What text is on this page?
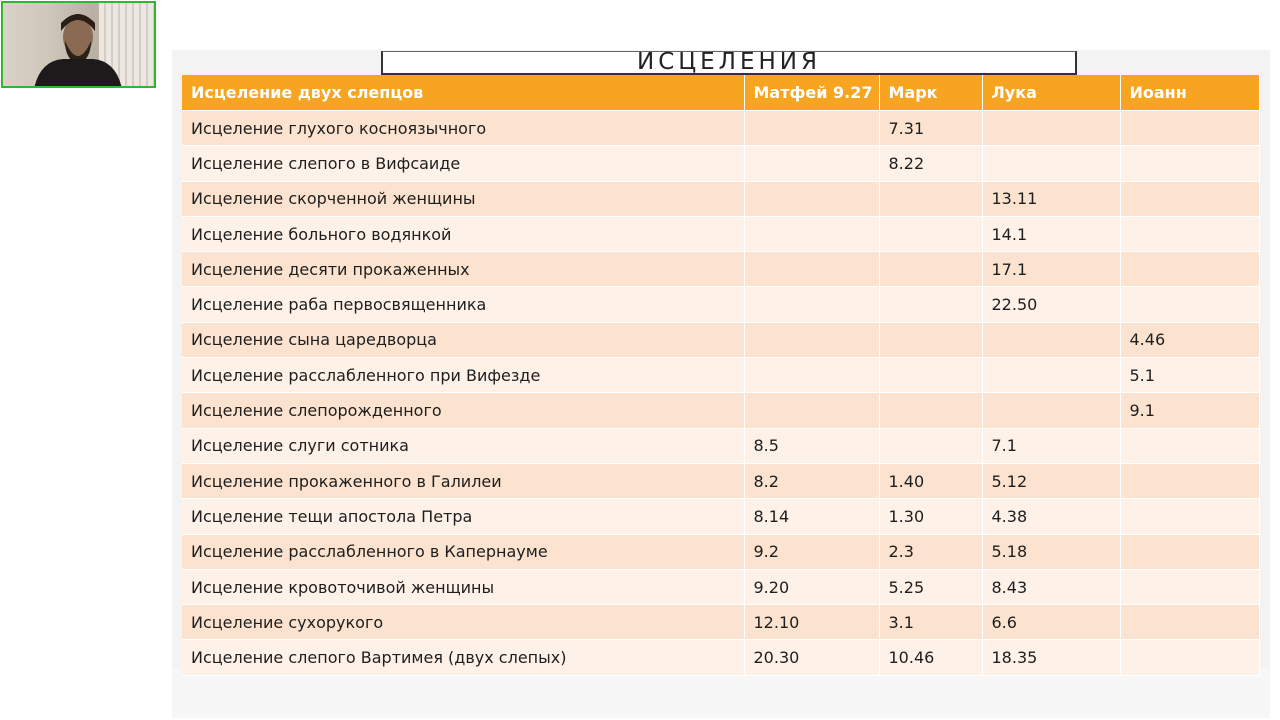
ИСЦЕЛЕНИЯ
Исцеление двух слепцов	Матфей 9.27	Марк	Лука	Иоанн
Исцеление глухого косноязычного		7.31		
Исцеление слепого в Вифсаиде		8.22		
Исцеление скорченной женщины			13.11	
Исцеление больного водянкой			14.1	
Исцеление десяти прокаженных			17.1	
Исцеление раба первосвященника			22.50	
Исцеление сына царедворца				4.46
Исцеление расслабленного при Вифезде				5.1
Исцеление слепорожденного				9.1
Исцеление слуги сотника	8.5		7.1	
Исцеление прокаженного в Галилеи	8.2	1.40	5.12	
Исцеление тещи апостола Петра	8.14	1.30	4.38	
Исцеление расслабленного в Капернауме	9.2	2.3	5.18	
Исцеление кровоточивой женщины	9.20	5.25	8.43	
Исцеление сухорукого	12.10	3.1	6.6	
Исцеление слепого Вартимея (двух слепых)	20.30	10.46	18.35	
